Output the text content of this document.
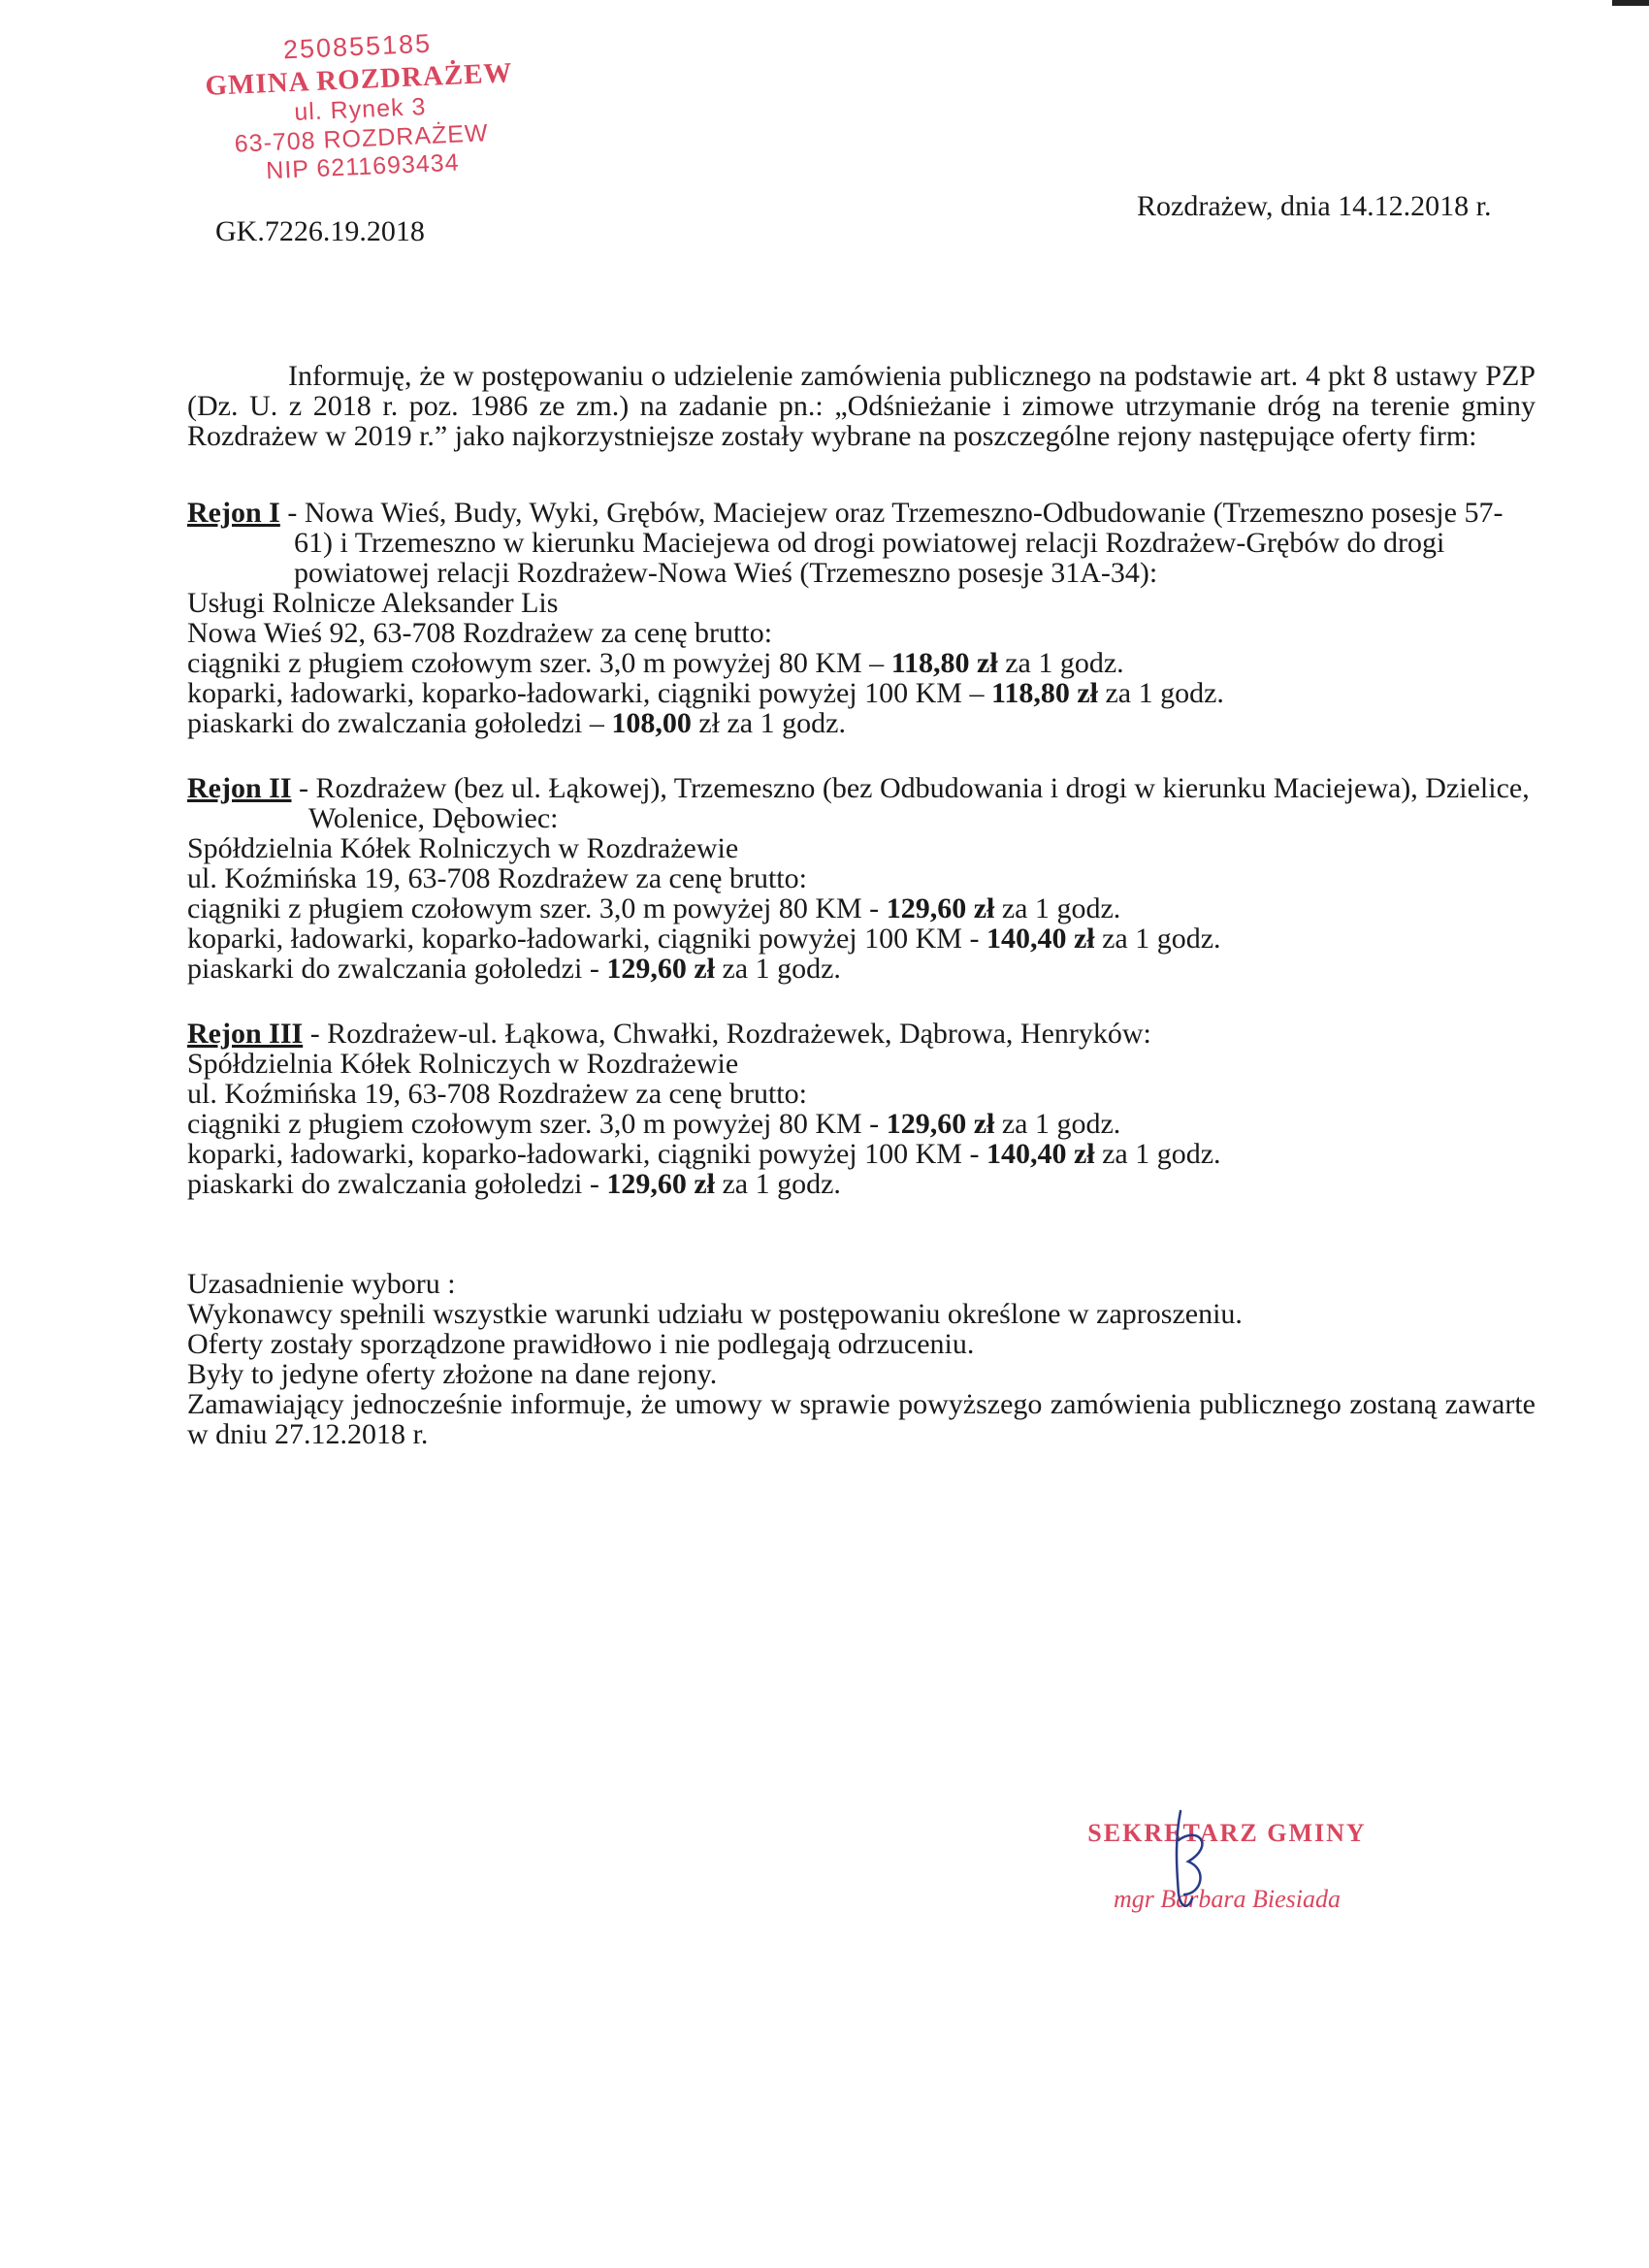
250855185
GMINA ROZDRAŻEW
ul. Rynek 3
63-708 ROZDRAŻEW
NIP 6211693434
GK.7226.19.2018
Rozdrażew, dnia 14.12.2018 r.

Informuję, że w postępowaniu o udzielenie zamówienia publicznego na podstawie art. 4 pkt 8 ustawy PZP (Dz. U. z 2018 r. poz. 1986 ze zm.) na zadanie pn.: „Odśnieżanie i zimowe utrzymanie dróg na terenie gminy Rozdrażew w 2019 r.” jako najkorzystniejsze zostały wybrane na poszczególne rejony następujące oferty firm:

Rejon I - Nowa Wieś, Budy, Wyki, Grębów, Maciejew oraz Trzemeszno-Odbudowanie (Trzemeszno posesje 57-61) i Trzemeszno w kierunku Maciejewa od drogi powiatowej relacji Rozdrażew-Grębów do drogi powiatowej relacji Rozdrażew-Nowa Wieś (Trzemeszno posesje 31A-34):

Usługi Rolnicze Aleksander Lis

Nowa Wieś 92, 63-708 Rozdrażew za cenę brutto:

ciągniki z pługiem czołowym szer. 3,0 m powyżej 80 KM – 118,80 zł za 1 godz.

koparki, ładowarki, koparko-ładowarki, ciągniki powyżej 100 KM – 118,80 zł za 1 godz.

piaskarki do zwalczania gołoledzi – 108,00 zł za 1 godz.

Rejon II - Rozdrażew (bez ul. Łąkowej), Trzemeszno (bez Odbudowania i drogi w kierunku Maciejewa), Dzielice, Wolenice, Dębowiec:

Spółdzielnia Kółek Rolniczych w Rozdrażewie

ul. Koźmińska 19, 63-708 Rozdrażew za cenę brutto:

ciągniki z pługiem czołowym szer. 3,0 m powyżej 80 KM - 129,60 zł za 1 godz.

koparki, ładowarki, koparko-ładowarki, ciągniki powyżej 100 KM - 140,40 zł za 1 godz.

piaskarki do zwalczania gołoledzi - 129,60 zł za 1 godz.

Rejon III - Rozdrażew-ul. Łąkowa, Chwałki, Rozdrażewek, Dąbrowa, Henryków:

Spółdzielnia Kółek Rolniczych w Rozdrażewie

ul. Koźmińska 19, 63-708 Rozdrażew za cenę brutto:

ciągniki z pługiem czołowym szer. 3,0 m powyżej 80 KM - 129,60 zł za 1 godz.

koparki, ładowarki, koparko-ładowarki, ciągniki powyżej 100 KM - 140,40 zł za 1 godz.

piaskarki do zwalczania gołoledzi - 129,60 zł za 1 godz.

Uzasadnienie wyboru :

Wykonawcy spełnili wszystkie warunki udziału w postępowaniu określone w zaproszeniu.

Oferty zostały sporządzone prawidłowo i nie podlegają odrzuceniu.

Były to jedyne oferty złożone na dane rejony.

Zamawiający jednocześnie informuje, że umowy w sprawie powyższego zamówienia publicznego zostaną zawarte w dniu 27.12.2018 r.

SEKRETARZ GMINY
mgr Barbara Biesiada
